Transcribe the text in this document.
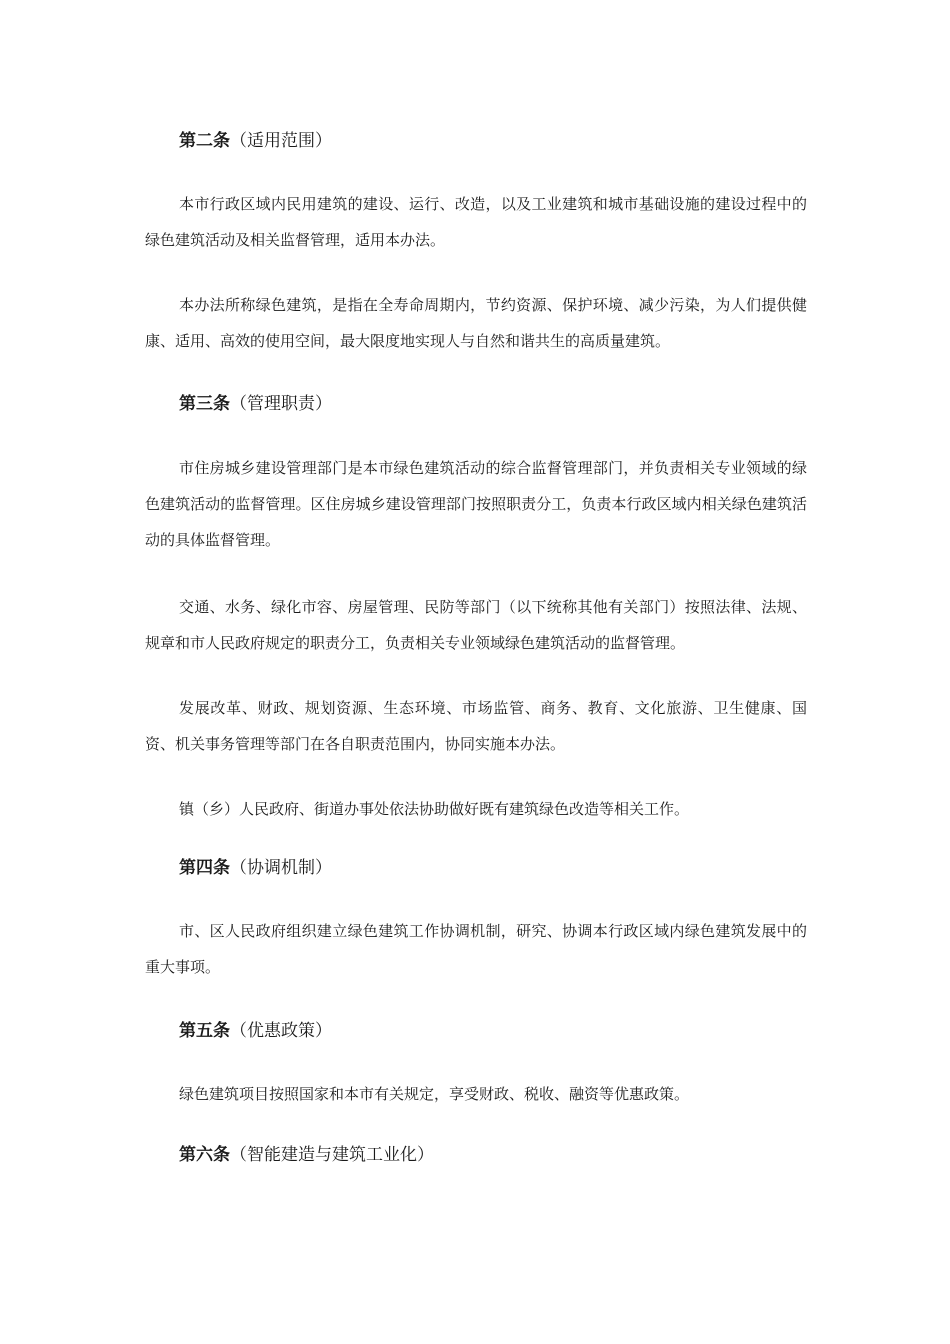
第二条（适用范围）

本市行政区域内民用建筑的建设、运行、改造，以及工业建筑和城市基础设施的建设过程中的绿色建筑活动及相关监督管理，适用本办法。

本办法所称绿色建筑，是指在全寿命周期内，节约资源、保护环境、减少污染，为人们提供健康、适用、高效的使用空间，最大限度地实现人与自然和谐共生的高质量建筑。

第三条（管理职责）

市住房城乡建设管理部门是本市绿色建筑活动的综合监督管理部门，并负责相关专业领域的绿色建筑活动的监督管理。区住房城乡建设管理部门按照职责分工，负责本行政区域内相关绿色建筑活动的具体监督管理。

交通、水务、绿化市容、房屋管理、民防等部门（以下统称其他有关部门）按照法律、法规、规章和市人民政府规定的职责分工，负责相关专业领域绿色建筑活动的监督管理。

发展改革、财政、规划资源、生态环境、市场监管、商务、教育、文化旅游、卫生健康、国资、机关事务管理等部门在各自职责范围内，协同实施本办法。

镇（乡）人民政府、街道办事处依法协助做好既有建筑绿色改造等相关工作。

第四条（协调机制）

市、区人民政府组织建立绿色建筑工作协调机制，研究、协调本行政区域内绿色建筑发展中的重大事项。

第五条（优惠政策）

绿色建筑项目按照国家和本市有关规定，享受财政、税收、融资等优惠政策。

第六条（智能建造与建筑工业化）
